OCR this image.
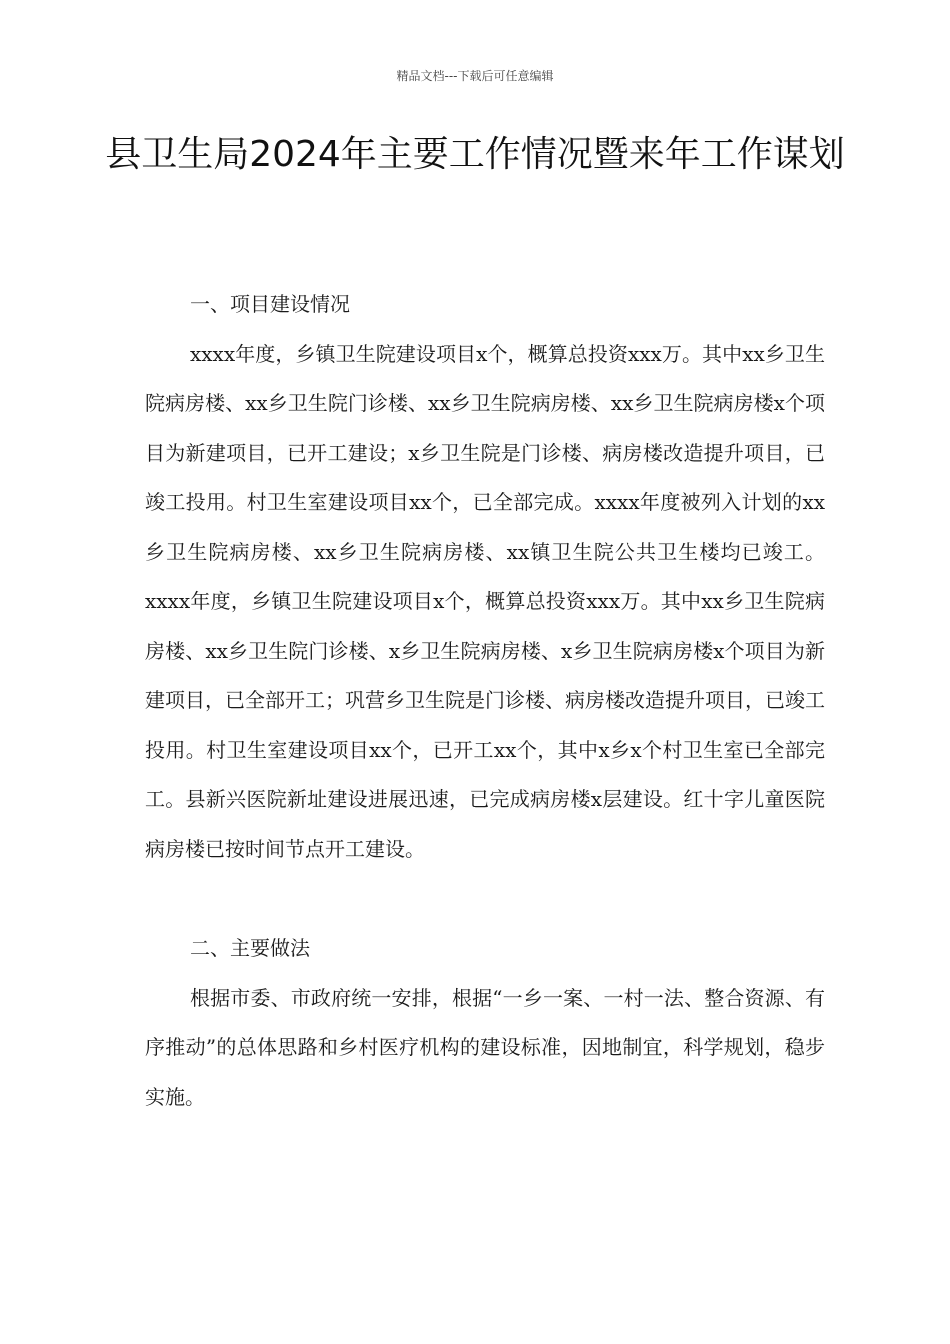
精品文档---下载后可任意编辑
县卫生局2024年主要工作情况暨来年工作谋划
一、项目建设情况

xxxx年度，乡镇卫生院建设项目x个，概算总投资xxx万。其中xx乡卫生院病房楼、xx乡卫生院门诊楼、xx乡卫生院病房楼、xx乡卫生院病房楼x个项目为新建项目，已开工建设；x乡卫生院是门诊楼、病房楼改造提升项目，已竣工投用。村卫生室建设项目xx个，已全部完成。xxxx年度被列入计划的xx乡卫生院病房楼、xx乡卫生院病房楼、xx镇卫生院公共卫生楼均已竣工。xxxx年度，乡镇卫生院建设项目x个，概算总投资xxx万。其中xx乡卫生院病房楼、xx乡卫生院门诊楼、x乡卫生院病房楼、x乡卫生院病房楼x个项目为新建项目，已全部开工；巩营乡卫生院是门诊楼、病房楼改造提升项目，已竣工投用。村卫生室建设项目xx个，已开工xx个，其中x乡x个村卫生室已全部完工。县新兴医院新址建设进展迅速，已完成病房楼x层建设。红十字儿童医院病房楼已按时间节点开工建设。

二、主要做法

根据市委、市政府统一安排，根据“一乡一案、一村一法、整合资源、有序推动”的总体思路和乡村医疗机构的建设标准，因地制宜，科学规划，稳步实施。
